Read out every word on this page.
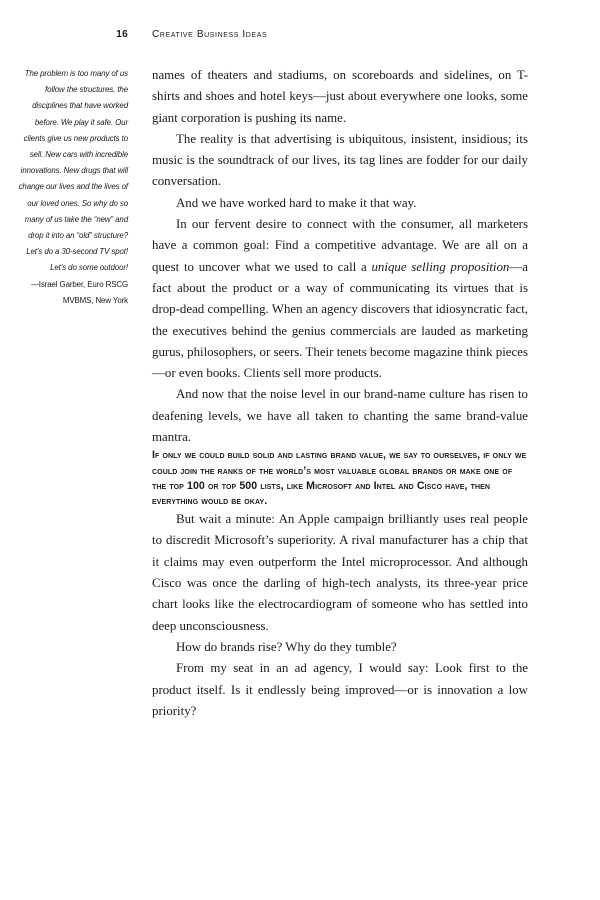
16 Creative Business Ideas

The problem is too many of us follow the structures, the disciplines that have worked before. We play it safe. Our clients give us new products to sell. New cars with incredible innovations. New drugs that will change our lives and the lives of our loved ones. So why do so many of us take the “new” and drop it into an “old” structure? Let’s do a 30-second TV spot! Let’s do some outdoor!

—Israel Garber, Euro RSCG MVBMS, New York

names of theaters and stadiums, on scoreboards and sidelines, on T-shirts and shoes and hotel keys—just about everywhere one looks, some giant corporation is pushing its name.

The reality is that advertising is ubiquitous, insistent, insidious; its music is the soundtrack of our lives, its tag lines are fodder for our daily conversation.

And we have worked hard to make it that way.

In our fervent desire to connect with the consumer, all marketers have a common goal: Find a competitive advantage. We are all on a quest to uncover what we used to call a unique selling proposition—a fact about the product or a way of communicating its virtues that is drop-dead compelling. When an agency discovers that idiosyncratic fact, the executives behind the genius commercials are lauded as marketing gurus, philosophers, or seers. Their tenets become magazine think pieces—or even books. Clients sell more products.

And now that the noise level in our brand-name culture has risen to deafening levels, we have all taken to chanting the same brand-value mantra.

If only we could build solid and lasting brand value, we say to ourselves, if only we could join the ranks of the world’s most valuable global brands or make one of the top 100 or top 500 lists, like Microsoft and Intel and Cisco have, then everything would be okay.

But wait a minute: An Apple campaign brilliantly uses real people to discredit Microsoft’s superiority. A rival manufacturer has a chip that it claims may even outperform the Intel microprocessor. And although Cisco was once the darling of high-tech analysts, its three-year price chart looks like the electrocardiogram of someone who has settled into deep unconsciousness.

How do brands rise? Why do they tumble?

From my seat in an ad agency, I would say: Look first to the product itself. Is it endlessly being improved—or is innovation a low priority?
